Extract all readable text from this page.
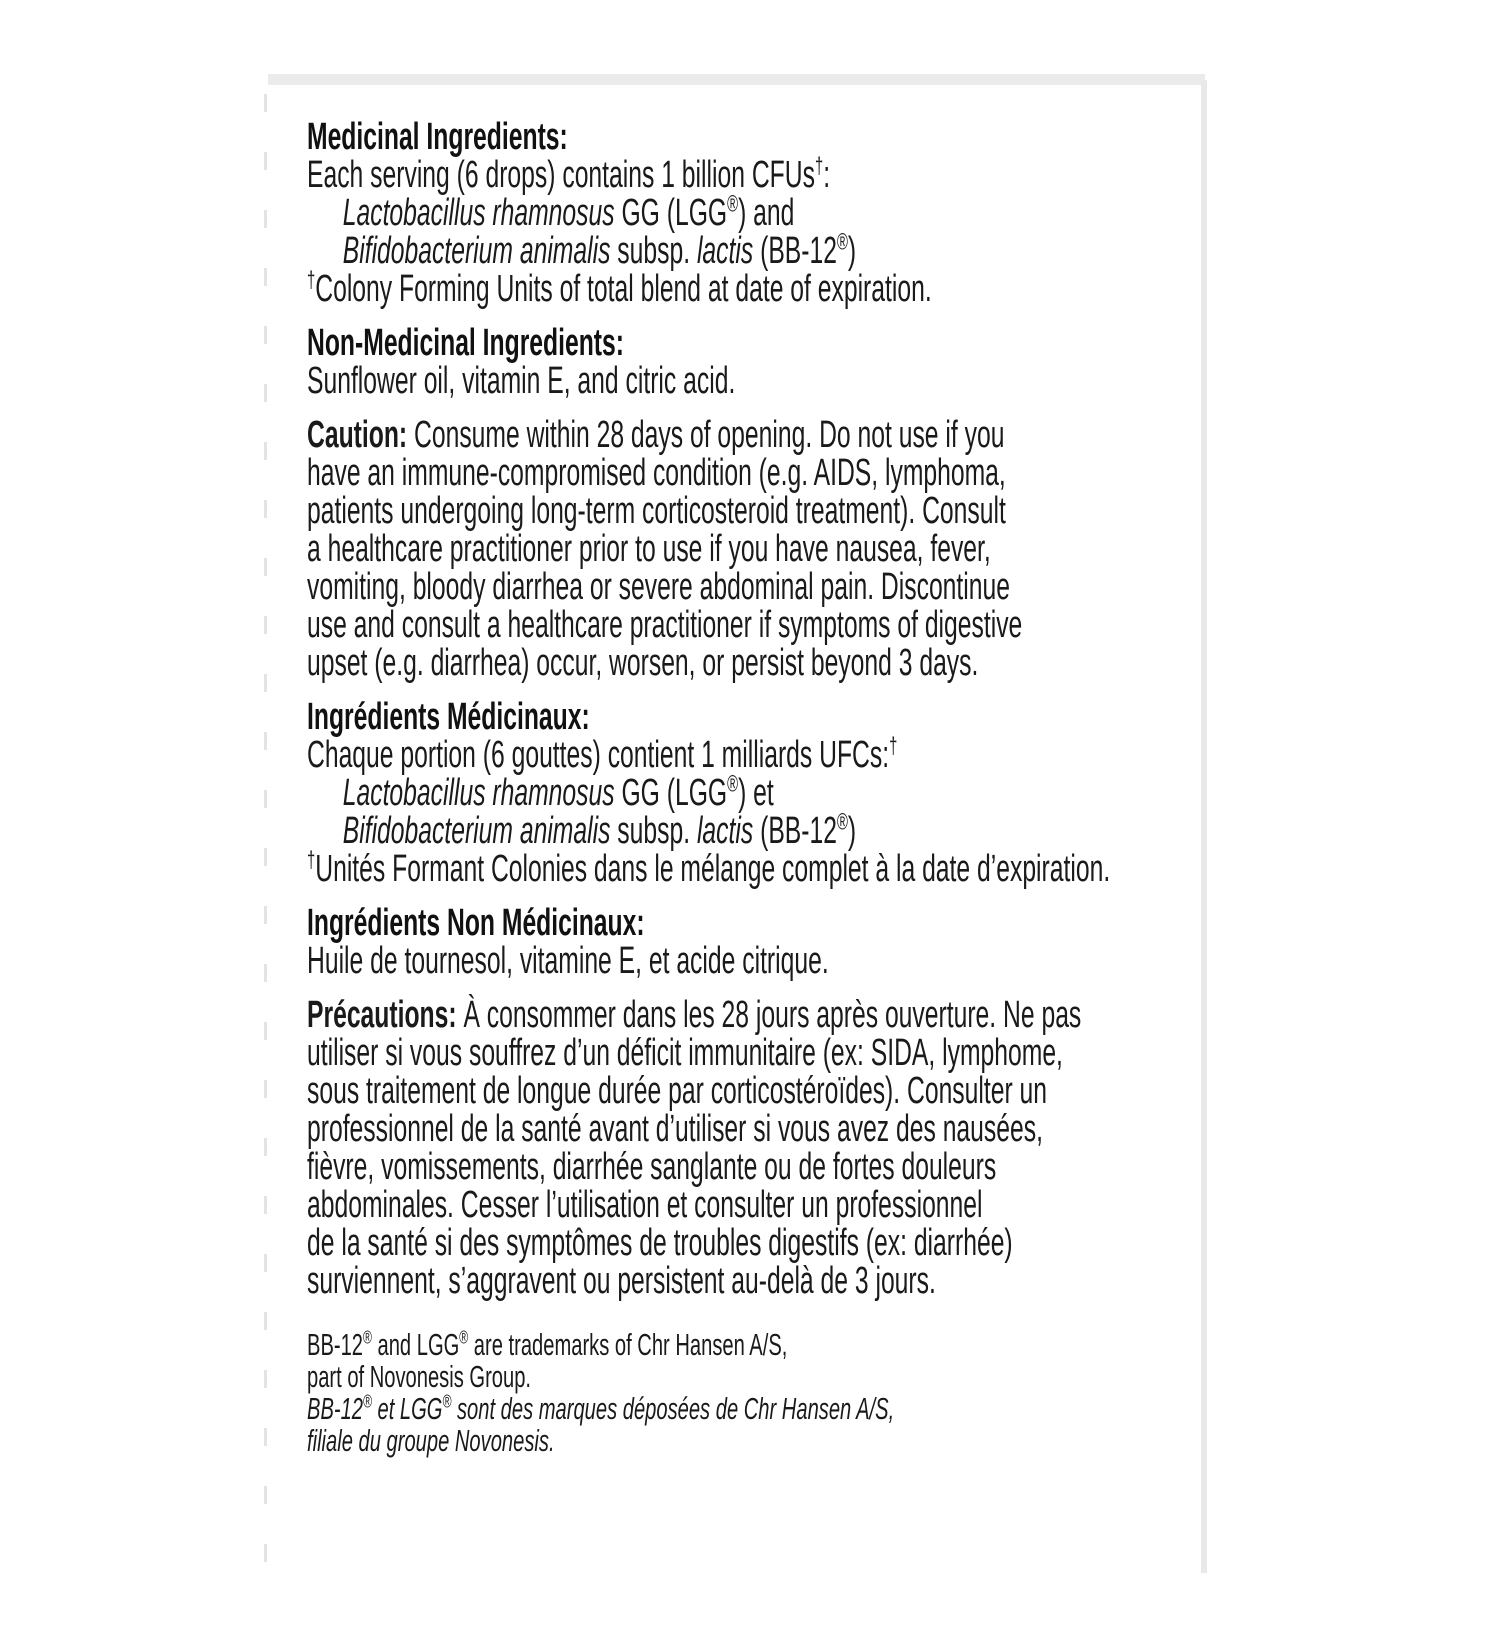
Medicinal Ingredients:
Each serving (6 drops) contains 1 billion CFUs†:
Lactobacillus rhamnosus GG (LGG®) and
Bifidobacterium animalis subsp. lactis (BB-12®)
†Colony Forming Units of total blend at date of expiration.
Non-Medicinal Ingredients:
Sunflower oil, vitamin E, and citric acid.
Caution: Consume within 28 days of opening. Do not use if you
have an immune-compromised condition (e.g. AIDS, lymphoma,
patients undergoing long-term corticosteroid treatment). Consult
a healthcare practitioner prior to use if you have nausea, fever,
vomiting, bloody diarrhea or severe abdominal pain. Discontinue
use and consult a healthcare practitioner if symptoms of digestive
upset (e.g. diarrhea) occur, worsen, or persist beyond 3 days.
Ingrédients Médicinaux:
Chaque portion (6 gouttes) contient 1 milliards UFCs:†
Lactobacillus rhamnosus GG (LGG®) et
Bifidobacterium animalis subsp. lactis (BB-12®)
†Unités Formant Colonies dans le mélange complet à la date d’expiration.
Ingrédients Non Médicinaux:
Huile de tournesol, vitamine E, et acide citrique.
Précautions: À consommer dans les 28 jours après ouverture. Ne pas
utiliser si vous souffrez d’un déficit immunitaire (ex: SIDA, lymphome,
sous traitement de longue durée par corticostéroïdes). Consulter un
professionnel de la santé avant d’utiliser si vous avez des nausées,
fièvre, vomissements, diarrhée sanglante ou de fortes douleurs
abdominales. Cesser l’utilisation et consulter un professionnel
de la santé si des symptômes de troubles digestifs (ex: diarrhée)
surviennent, s’aggravent ou persistent au-delà de 3 jours.
BB-12® and LGG® are trademarks of Chr Hansen A/S,
part of Novonesis Group.
BB-12® et LGG® sont des marques déposées de Chr Hansen A/S,
filiale du groupe Novonesis.
